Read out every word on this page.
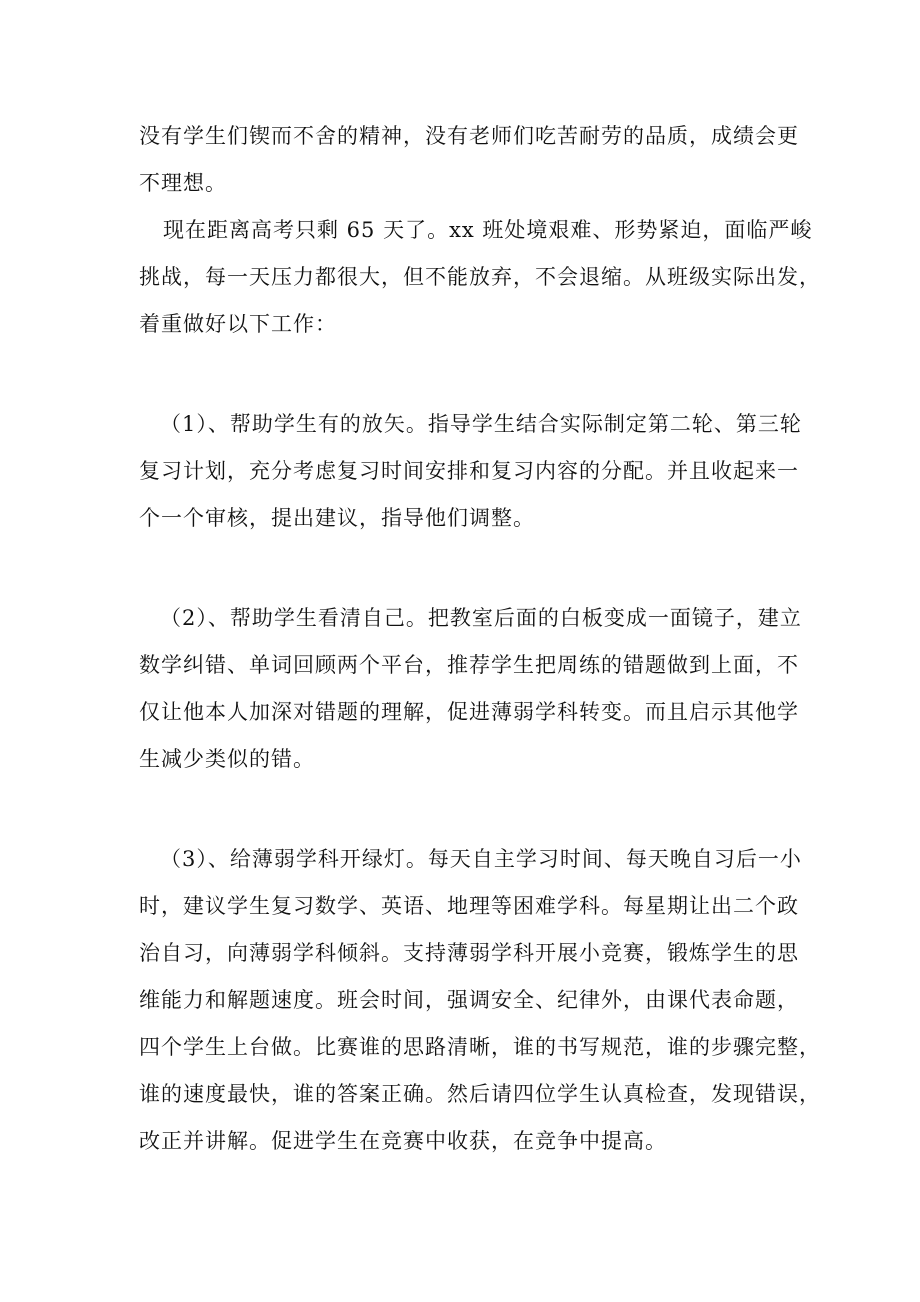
没有学生们锲而不舍的精神，没有老师们吃苦耐劳的品质，成绩会更
不理想。
现在距离高考只剩 65 天了。xx 班处境艰难、形势紧迫，面临严峻
挑战，每一天压力都很大，但不能放弃，不会退缩。从班级实际出发，
着重做好以下工作：
（1）、帮助学生有的放矢。指导学生结合实际制定第二轮、第三轮
复习计划，充分考虑复习时间安排和复习内容的分配。并且收起来一
个一个审核，提出建议，指导他们调整。
（2）、帮助学生看清自己。把教室后面的白板变成一面镜子，建立
数学纠错、单词回顾两个平台，推荐学生把周练的错题做到上面，不
仅让他本人加深对错题的理解，促进薄弱学科转变。而且启示其他学
生减少类似的错。
（3）、给薄弱学科开绿灯。每天自主学习时间、每天晚自习后一小
时，建议学生复习数学、英语、地理等困难学科。每星期让出二个政
治自习，向薄弱学科倾斜。支持薄弱学科开展小竞赛，锻炼学生的思
维能力和解题速度。班会时间，强调安全、纪律外，由课代表命题，
四个学生上台做。比赛谁的思路清晰，谁的书写规范，谁的步骤完整，
谁的速度最快，谁的答案正确。然后请四位学生认真检查，发现错误，
改正并讲解。促进学生在竞赛中收获，在竞争中提高。
